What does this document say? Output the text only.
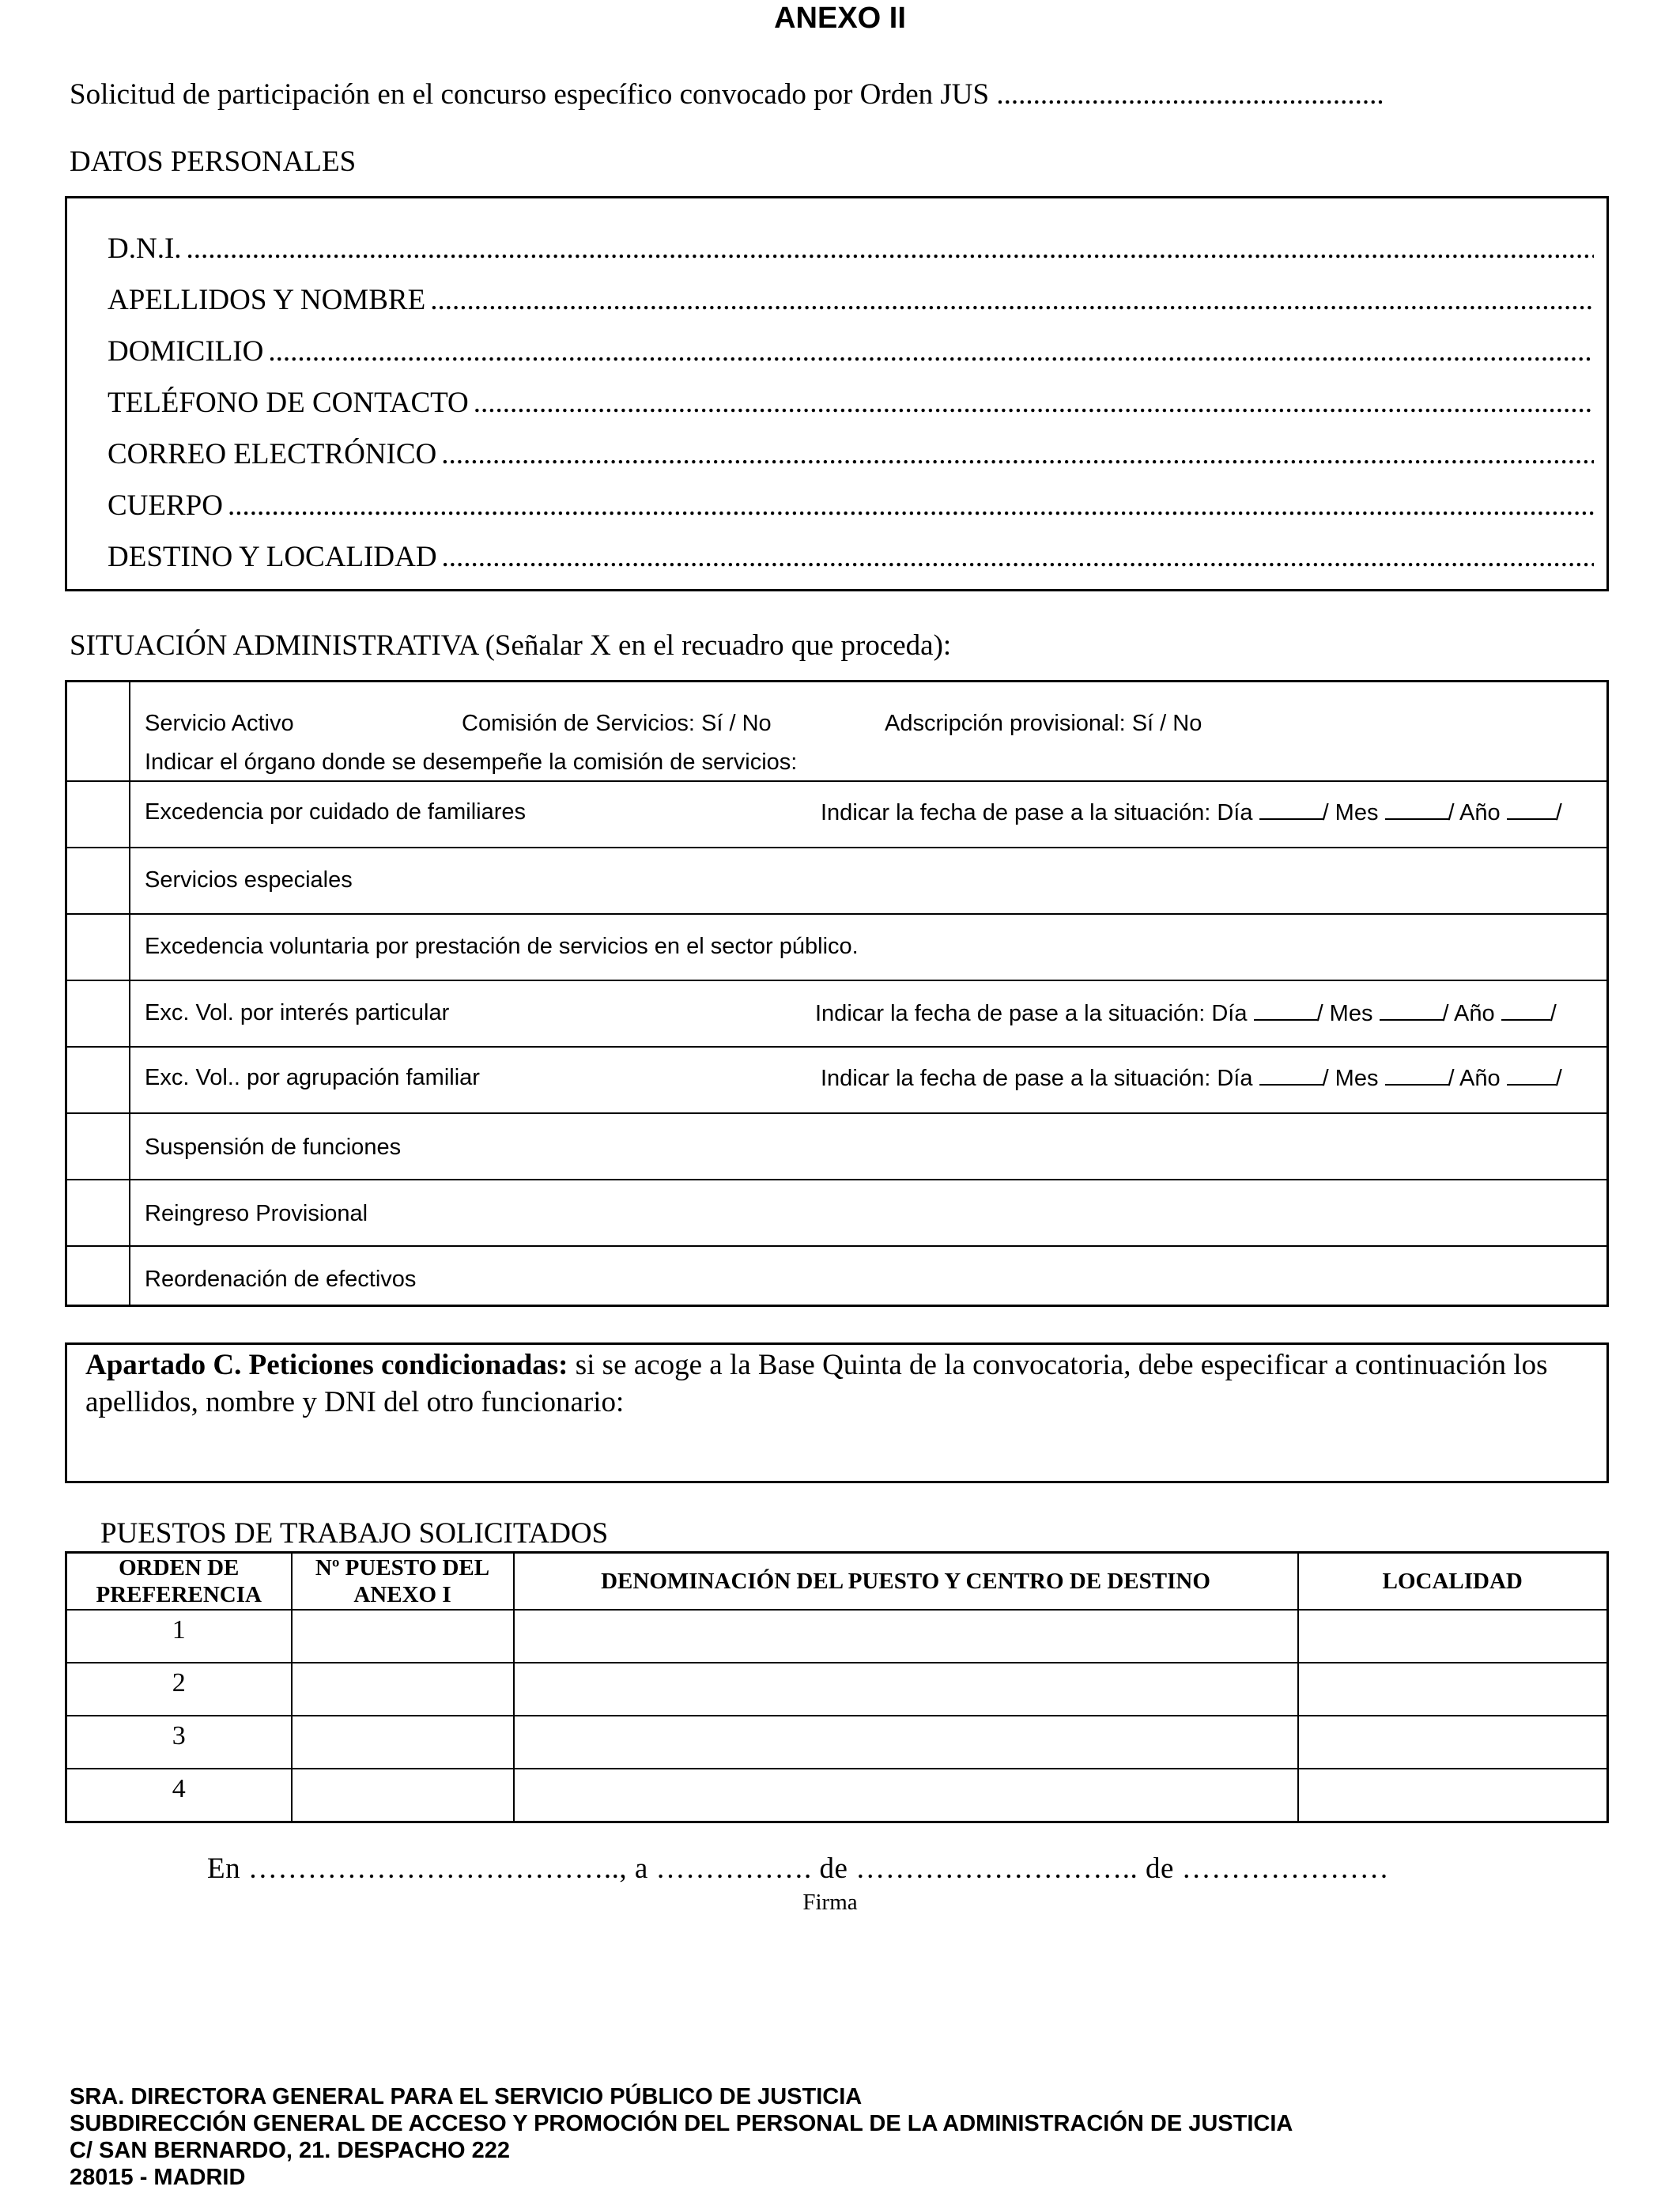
ANEXO II
Solicitud de participación en el concurso específico convocado por Orden JUS .....................................................
DATOS PERSONALES
D.N.I. .....
APELLIDOS Y NOMBRE .....
DOMICILIO .....
TELÉFONO DE CONTACTO .....
CORREO ELECTRÓNICO .....
CUERPO .....
DESTINO Y LOCALIDAD .....
SITUACIÓN ADMINISTRATIVA (Señalar X en el recuadro que proceda):
Servicio Activo	Comisión de Servicios: Sí / No	Adscripción provisional: Sí / No
Indicar el órgano donde se desempeñe la comisión de servicios:
Excedencia por cuidado de familiares	Indicar la fecha de pase a la situación: Día	/ Mes	/ Año /
Servicios especiales
Excedencia voluntaria por prestación de servicios en el sector público.
Exc. Vol. por interés particular	Indicar la fecha de pase a la situación: Día	/ Mes	/ Año /
Exc. Vol.. por agrupación familiar	Indicar la fecha de pase a la situación: Día	/ Mes	/ Año /
Suspensión de funciones
Reingreso Provisional
Reordenación de efectivos
Apartado C. Peticiones condicionadas: si se acoge a la Base Quinta de la convocatoria, debe especificar a continuación los apellidos, nombre y DNI del otro funcionario:
PUESTOS DE TRABAJO SOLICITADOS
ORDEN DE PREFERENCIA	Nº PUESTO DEL ANEXO I	DENOMINACIÓN DEL PUESTO Y CENTRO DE DESTINO	LOCALIDAD
1			
2			
3			
4			
En ……………………………….., a ……………. de ……………………….. de …………………
Firma
SRA. DIRECTORA GENERAL PARA EL SERVICIO PÚBLICO DE JUSTICIA
SUBDIRECCIÓN GENERAL DE ACCESO Y PROMOCIÓN DEL PERSONAL DE LA ADMINISTRACIÓN DE JUSTICIA
C/ SAN BERNARDO, 21. DESPACHO 222
28015 - MADRID
